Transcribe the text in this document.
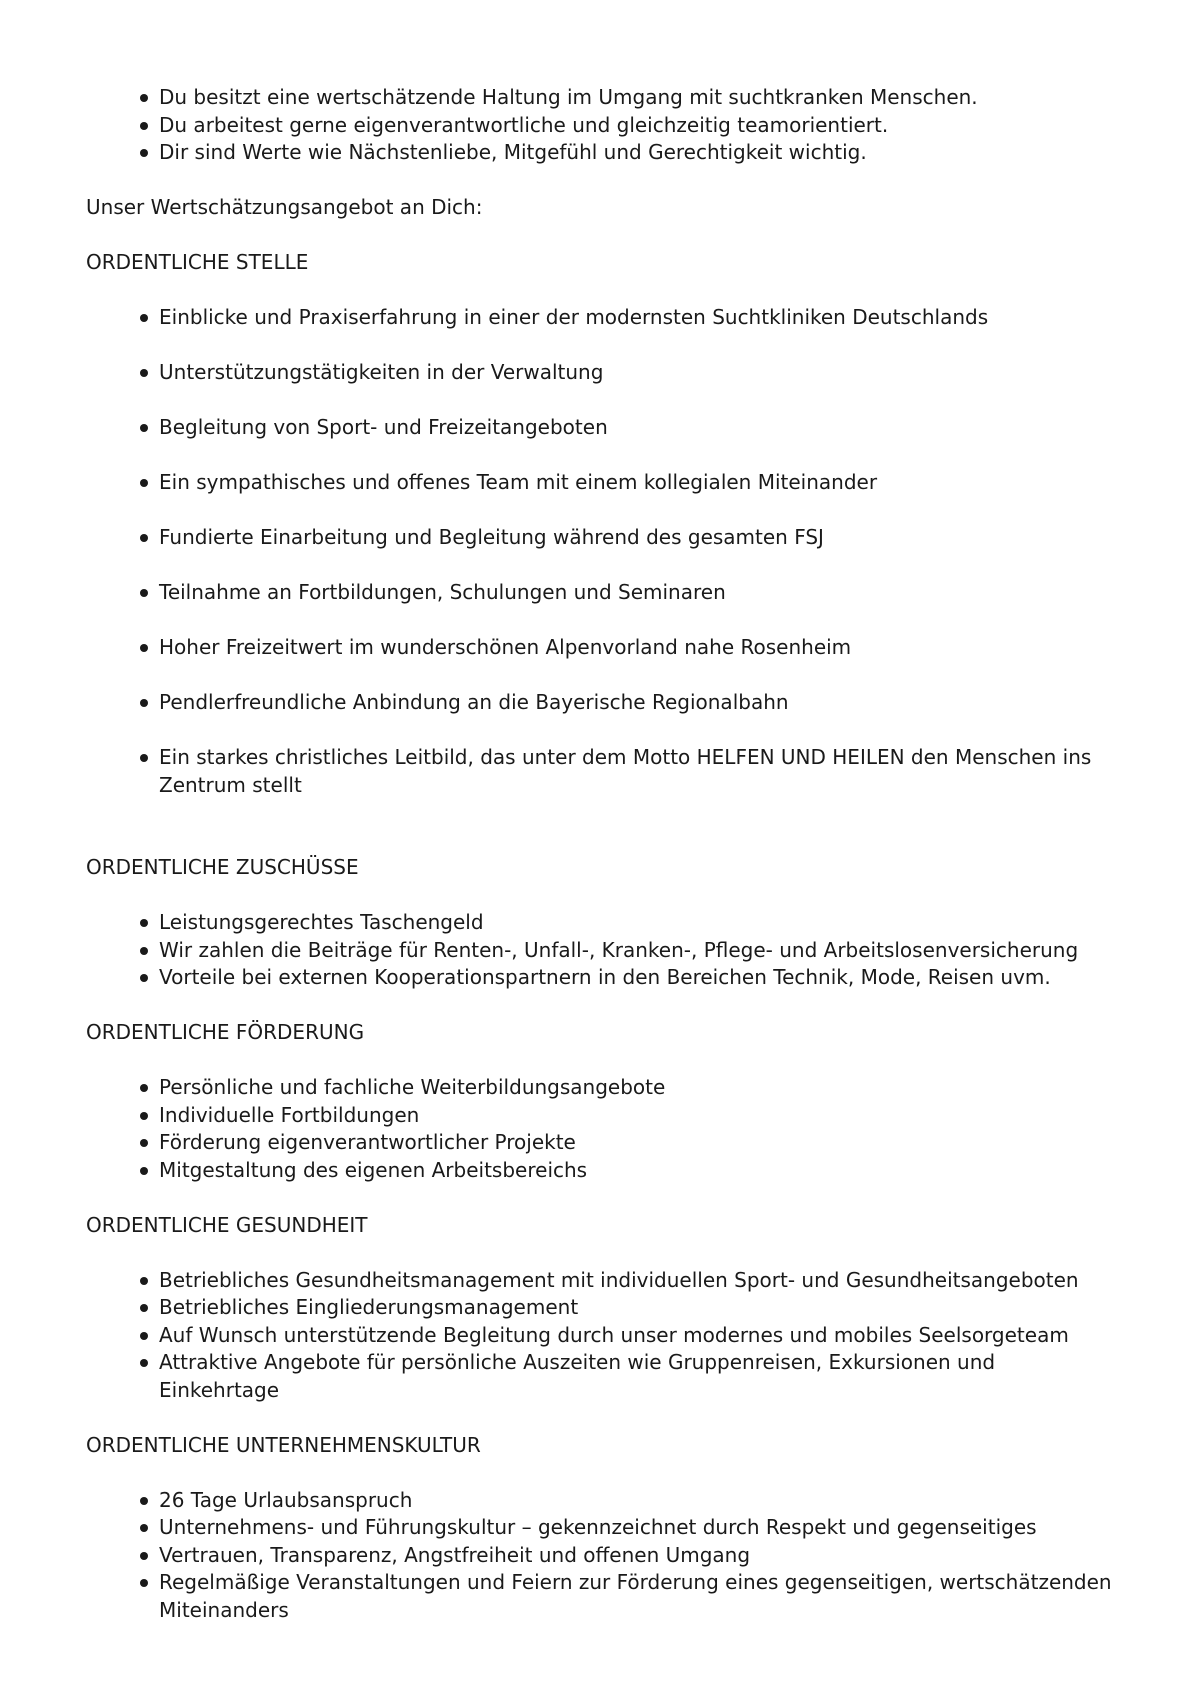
Du besitzt eine wertschätzende Haltung im Umgang mit suchtkranken Menschen.
Du arbeitest gerne eigenverantwortliche und gleichzeitig teamorientiert.
Dir sind Werte wie Nächstenliebe, Mitgefühl und Gerechtigkeit wichtig.

Unser Wertschätzungsangebot an Dich:

ORDENTLICHE STELLE

Einblicke und Praxiserfahrung in einer der modernsten Suchtkliniken Deutschlands
Unterstützungstätigkeiten in der Verwaltung
Begleitung von Sport- und Freizeitangeboten
Ein sympathisches und offenes Team mit einem kollegialen Miteinander
Fundierte Einarbeitung und Begleitung während des gesamten FSJ
Teilnahme an Fortbildungen, Schulungen und Seminaren
Hoher Freizeitwert im wunderschönen Alpenvorland nahe Rosenheim
Pendlerfreundliche Anbindung an die Bayerische Regionalbahn
Ein starkes christliches Leitbild, das unter dem Motto HELFEN UND HEILEN den Menschen ins Zentrum stellt

ORDENTLICHE ZUSCHÜSSE

Leistungsgerechtes Taschengeld
Wir zahlen die Beiträge für Renten-, Unfall-, Kranken-, Pflege- und Arbeitslosenversicherung
Vorteile bei externen Kooperationspartnern in den Bereichen Technik, Mode, Reisen uvm.

ORDENTLICHE FÖRDERUNG

Persönliche und fachliche Weiterbildungsangebote
Individuelle Fortbildungen
Förderung eigenverantwortlicher Projekte
Mitgestaltung des eigenen Arbeitsbereichs

ORDENTLICHE GESUNDHEIT

Betriebliches Gesundheitsmanagement mit individuellen Sport- und Gesundheitsangeboten
Betriebliches Eingliederungsmanagement
Auf Wunsch unterstützende Begleitung durch unser modernes und mobiles Seelsorgeteam
Attraktive Angebote für persönliche Auszeiten wie Gruppenreisen, Exkursionen und Einkehrtage

ORDENTLICHE UNTERNEHMENSKULTUR

26 Tage Urlaubsanspruch
Unternehmens- und Führungskultur – gekennzeichnet durch Respekt und gegenseitiges
Vertrauen, Transparenz, Angstfreiheit und offenen Umgang
Regelmäßige Veranstaltungen und Feiern zur Förderung eines gegenseitigen, wertschätzenden Miteinanders
